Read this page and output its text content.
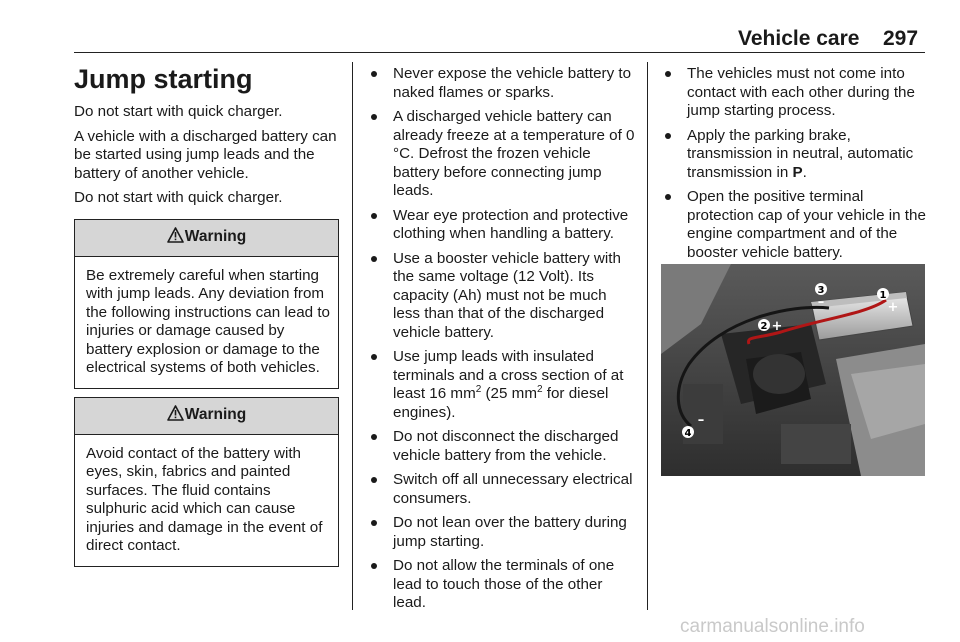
Vehicle care 297
Jump starting

Do not start with quick charger.

A vehicle with a discharged battery can be started using jump leads and the battery of another vehicle.

Do not start with quick charger.

Warning
Be extremely careful when starting with jump leads. Any deviation from the following instructions can lead to injuries or damage caused by battery explosion or damage to the electrical systems of both vehicles.
Warning
Avoid contact of the battery with eyes, skin, fabrics and painted surfaces. The fluid contains sulphuric acid which can cause injuries and damage in the event of direct contact.
Never expose the vehicle battery to naked flames or sparks.
A discharged vehicle battery can already freeze at a temperature of 0 °C. Defrost the frozen vehicle battery before connecting jump leads.
Wear eye protection and protective clothing when handling a battery.
Use a booster vehicle battery with the same voltage (12 Volt). Its capacity (Ah) must not be much less than that of the discharged vehicle battery.
Use jump leads with insulated terminals and a cross section of at least 16 $mm^2$ (25 $mm^2$ for diesel engines).
Do not disconnect the discharged vehicle battery from the vehicle.
Switch off all unnecessary electrical consumers.
Do not lean over the battery during jump starting.
Do not allow the terminals of one lead to touch those of the other lead.
The vehicles must not come into contact with each other during the jump starting process.
Apply the parking brake, transmission in neutral, automatic transmission in P.
Open the positive terminal protection cap of your vehicle in the engine compartment and of the booster vehicle battery.
1
+
2 +
3
–
4
–
carmanualsonline.info
